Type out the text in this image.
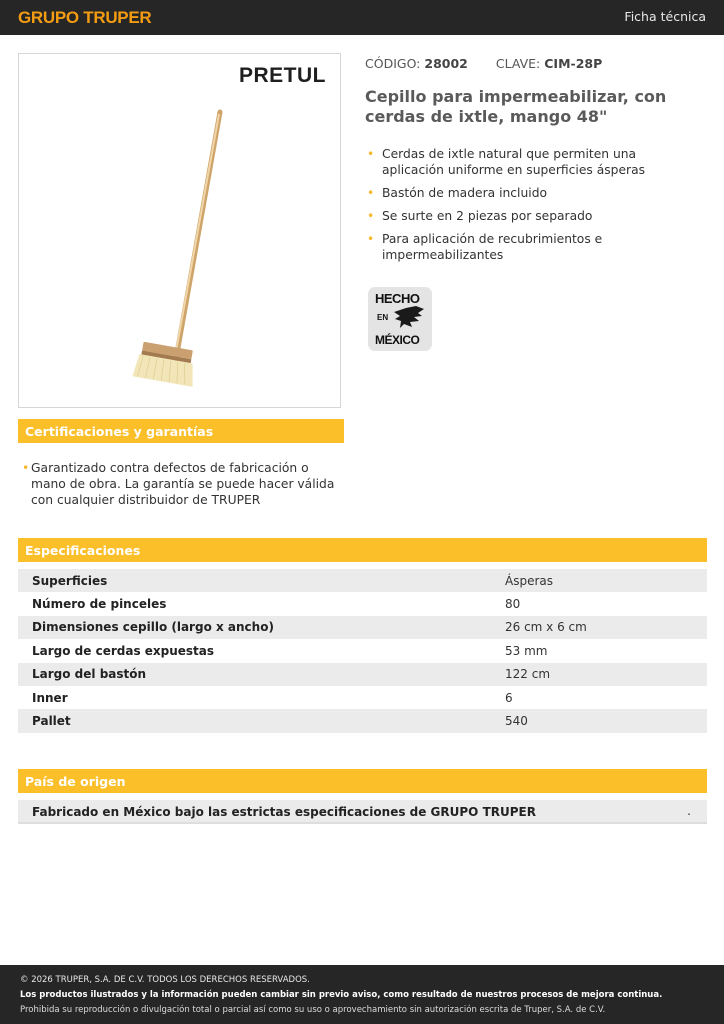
GRUPO TRUPER	Ficha técnica
PRETUL
CÓDIGO: 28002 CLAVE: CIM-28P
Cepillo para impermeabilizar, con cerdas de ixtle, mango 48"
• Cerdas de ixtle natural que permiten una aplicación uniforme en superficies ásperas
• Bastón de madera incluido
• Se surte en 2 piezas por separado
• Para aplicación de recubrimientos e impermeabilizantes
HECHO
EN
MÉXICO
Certificaciones y garantías
• Garantizado contra defectos de fabricación o mano de obra. La garantía se puede hacer válida con cualquier distribuidor de TRUPER
Especificaciones
Superficies	Ásperas
Número de pinceles	80
Dimensiones cepillo (largo x ancho)	26 cm x 6 cm
Largo de cerdas expuestas	53 mm
Largo del bastón	122 cm
Inner	6
Pallet	540
País de origen
Fabricado en México bajo las estrictas especificaciones de GRUPO TRUPER	.
© 2026 TRUPER, S.A. DE C.V. TODOS LOS DERECHOS RESERVADOS.
Los productos ilustrados y la información pueden cambiar sin previo aviso, como resultado de nuestros procesos de mejora continua.
Prohibida su reproducción o divulgación total o parcial así como su uso o aprovechamiento sin autorización escrita de Truper, S.A. de C.V.
